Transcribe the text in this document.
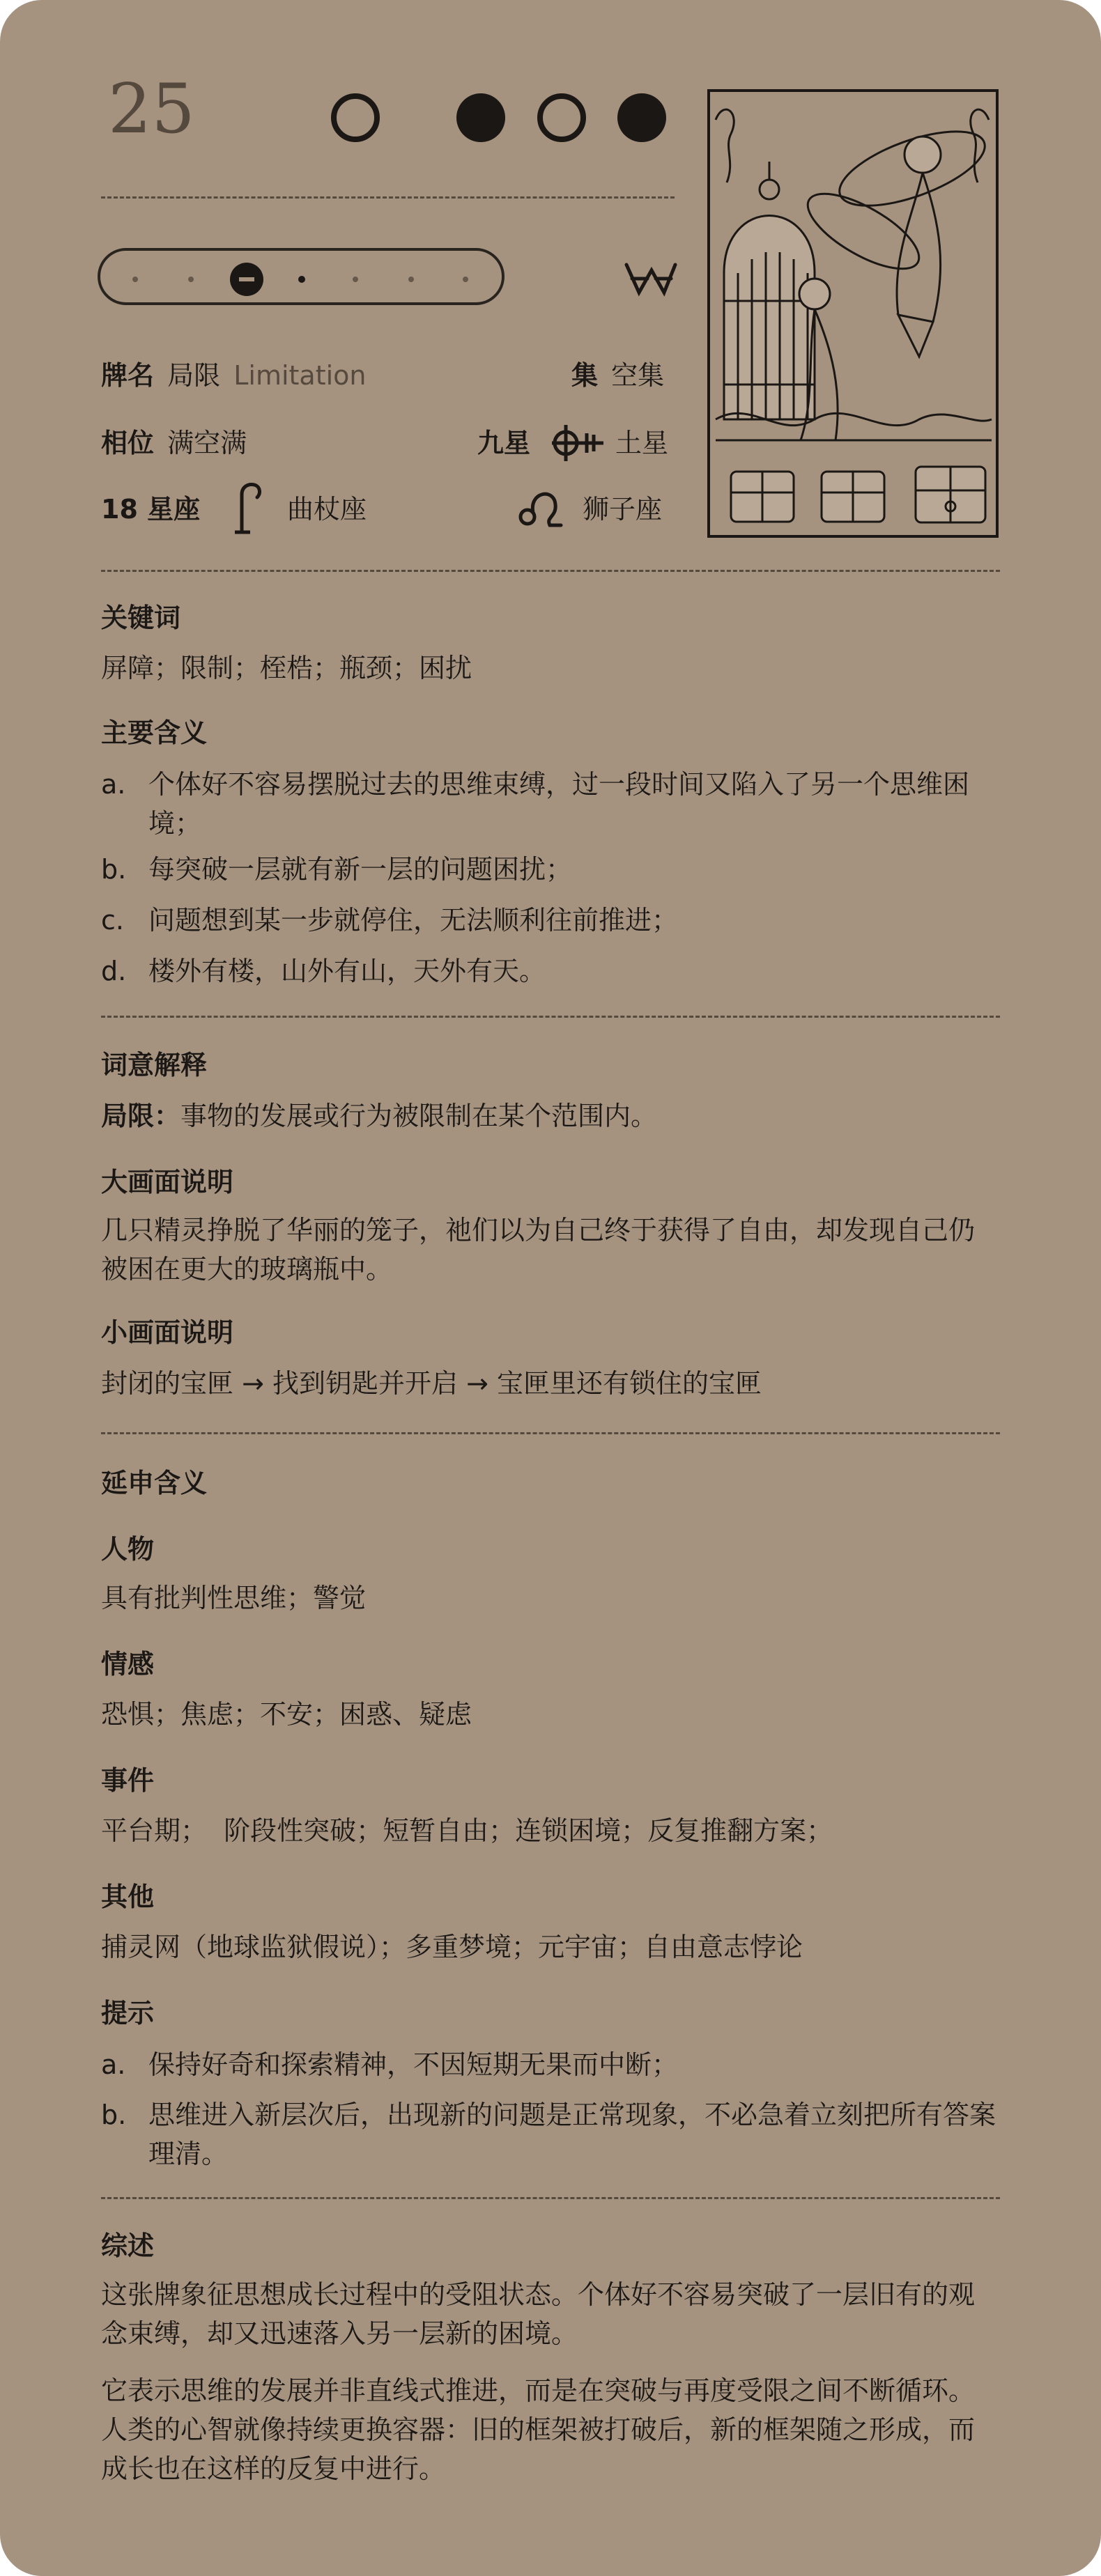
25
牌名 局限 Limitation	集 空集
相位 满空满	九星	土星
18 星座	曲杖座	狮子座
关键词
屏障；限制；桎梏；瓶颈；困扰
主要含义
a. 个体好不容易摆脱过去的思维束缚，过一段时间又陷入了另一个思维困境；
b. 每突破一层就有新一层的问题困扰；
c. 问题想到某一步就停住，无法顺利往前推进；
d. 楼外有楼，山外有山，天外有天。
词意解释
局限：事物的发展或行为被限制在某个范围内。
大画面说明
几只精灵挣脱了华丽的笼子，祂们以为自己终于获得了自由，却发现自己仍被困在更大的玻璃瓶中。
小画面说明
封闭的宝匣 → 找到钥匙并开启 → 宝匣里还有锁住的宝匣
延申含义
人物
具有批判性思维；警觉
情感
恐惧；焦虑；不安；困惑、疑虑
事件
平台期；  阶段性突破；短暂自由；连锁困境；反复推翻方案；
其他
捕灵网（地球监狱假说）；多重梦境；元宇宙；自由意志悖论
提示
a. 保持好奇和探索精神，不因短期无果而中断；
b. 思维进入新层次后，出现新的问题是正常现象，不必急着立刻把所有答案理清。
综述
这张牌象征思想成长过程中的受阻状态。个体好不容易突破了一层旧有的观念束缚，却又迅速落入另一层新的困境。
它表示思维的发展并非直线式推进，而是在突破与再度受限之间不断循环。人类的心智就像持续更换容器：旧的框架被打破后，新的框架随之形成，而成长也在这样的反复中进行。
